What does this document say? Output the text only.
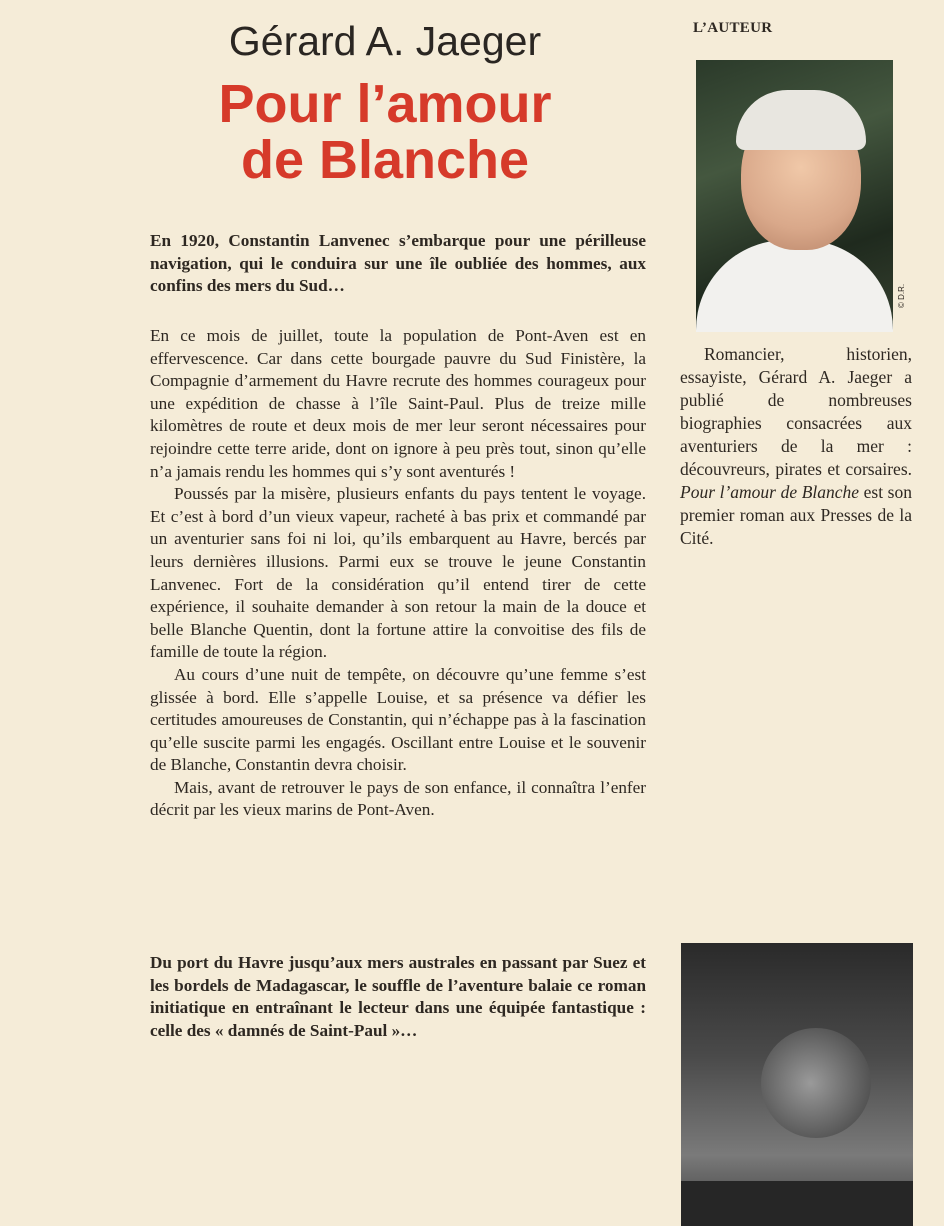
Gérard A. Jaeger
Pour l’amour
de Blanche
En 1920, Constantin Lanvenec s’embarque pour une périlleuse navigation, qui le conduira sur une île oubliée des hommes, aux confins des mers du Sud…

En ce mois de juillet, toute la population de Pont-Aven est en effervescence. Car dans cette bourgade pauvre du Sud Finistère, la Compagnie d’armement du Havre recrute des hommes courageux pour une expédition de chasse à l’île Saint-Paul. Plus de treize mille kilomètres de route et deux mois de mer leur seront nécessaires pour rejoindre cette terre aride, dont on ignore à peu près tout, sinon qu’elle n’a jamais rendu les hommes qui s’y sont aventurés !

Poussés par la misère, plusieurs enfants du pays tentent le voyage. Et c’est à bord d’un vieux vapeur, racheté à bas prix et commandé par un aventurier sans foi ni loi, qu’ils embarquent au Havre, bercés par leurs dernières illusions. Parmi eux se trouve le jeune Constantin Lanvenec. Fort de la considération qu’il entend tirer de cette expérience, il souhaite demander à son retour la main de la douce et belle Blanche Quentin, dont la fortune attire la convoitise des fils de famille de toute la région.

Au cours d’une nuit de tempête, on découvre qu’une femme s’est glissée à bord. Elle s’appelle Louise, et sa présence va défier les certitudes amoureuses de Constantin, qui n’échappe pas à la fascination qu’elle suscite parmi les engagés. Oscillant entre Louise et le souvenir de Blanche, Constantin devra choisir.

Mais, avant de retrouver le pays de son enfance, il connaîtra l’enfer décrit par les vieux marins de Pont-Aven.

Du port du Havre jusqu’aux mers australes en passant par Suez et les bordels de Madagascar, le souffle de l’aventure balaie ce roman initiatique en entraînant le lecteur dans une équipée fantastique : celle des « damnés de Saint-Paul »…
L’AUTEUR
© D.R.
Romancier, historien, essayiste, Gérard A. Jaeger a publié de nombreuses biographies consacrées aux aventuriers de la mer : découvreurs, pirates et corsaires. Pour l’amour de Blanche est son premier roman aux Presses de la Cité.
